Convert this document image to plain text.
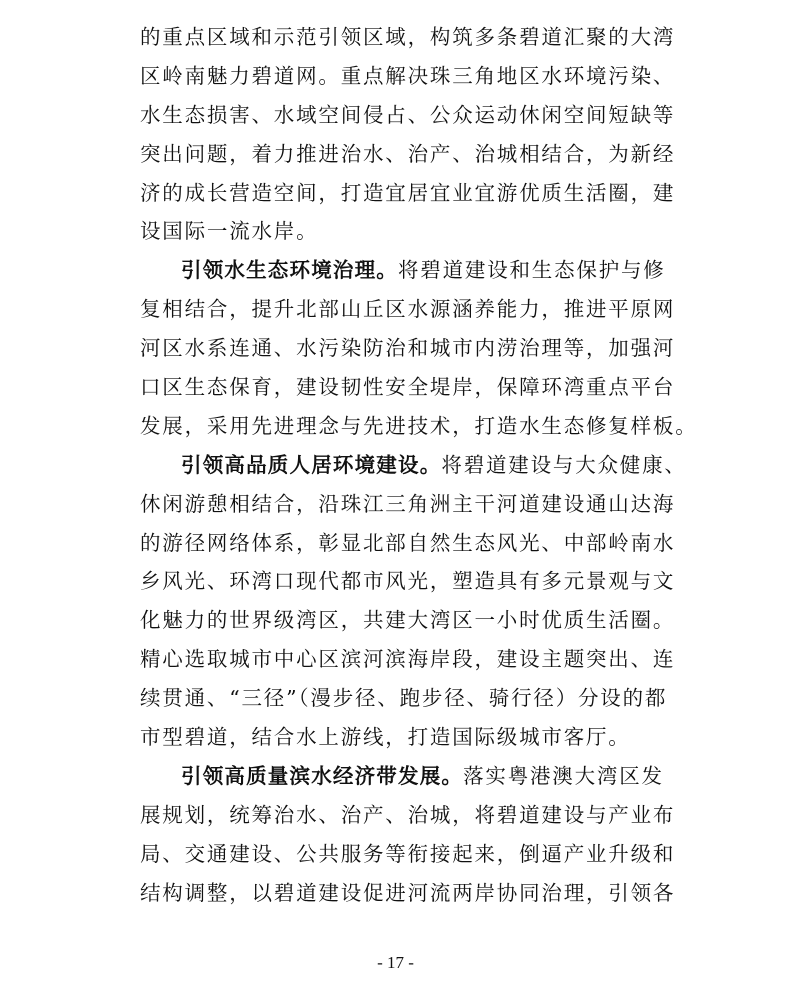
的重点区域和示范引领区域，构筑多条碧道汇聚的大湾
区岭南魅力碧道网。重点解决珠三角地区水环境污染、
水生态损害、水域空间侵占、公众运动休闲空间短缺等
突出问题，着力推进治水、治产、治城相结合，为新经
济的成长营造空间，打造宜居宜业宜游优质生活圈，建
设国际一流水岸。
引领水生态环境治理。将碧道建设和生态保护与修
复相结合，提升北部山丘区水源涵养能力，推进平原网
河区水系连通、水污染防治和城市内涝治理等，加强河
口区生态保育，建设韧性安全堤岸，保障环湾重点平台
发展，采用先进理念与先进技术，打造水生态修复样板。
引领高品质人居环境建设。将碧道建设与大众健康、
休闲游憩相结合，沿珠江三角洲主干河道建设通山达海
的游径网络体系，彰显北部自然生态风光、中部岭南水
乡风光、环湾口现代都市风光，塑造具有多元景观与文
化魅力的世界级湾区，共建大湾区一小时优质生活圈。
精心选取城市中心区滨河滨海岸段，建设主题突出、连
续贯通、“三径”（漫步径、跑步径、骑行径）分设的都
市型碧道，结合水上游线，打造国际级城市客厅。
引领高质量滨水经济带发展。落实粤港澳大湾区发
展规划，统筹治水、治产、治城，将碧道建设与产业布
局、交通建设、公共服务等衔接起来，倒逼产业升级和
结构调整，以碧道建设促进河流两岸协同治理，引领各
- 17 -
